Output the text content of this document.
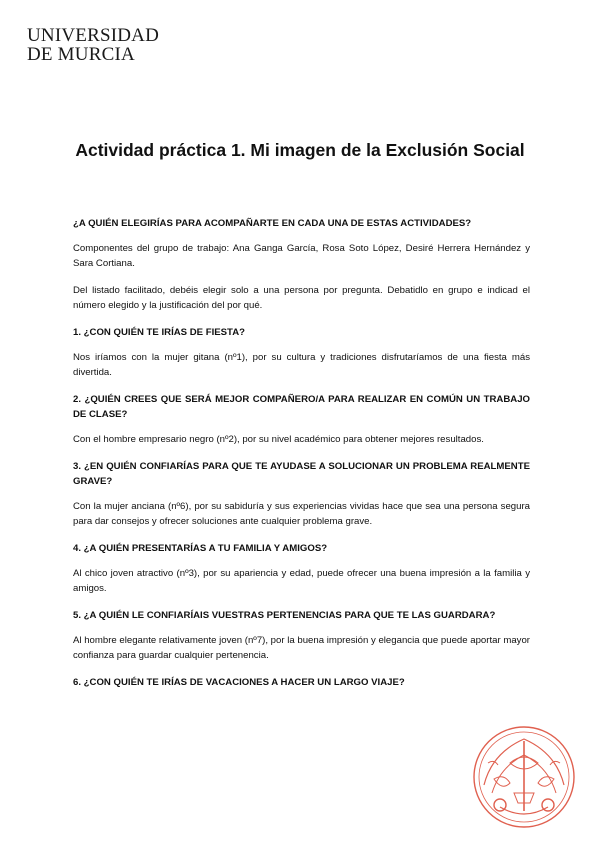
UNIVERSIDAD
DE MURCIA
Actividad práctica 1. Mi imagen de la Exclusión Social
¿A QUIÉN ELEGIRÍAS PARA ACOMPAÑARTE EN CADA UNA DE ESTAS ACTIVIDADES?
Componentes del grupo de trabajo: Ana Ganga García, Rosa Soto López, Desiré Herrera Hernández y Sara Cortiana.
Del listado facilitado, debéis elegir solo a una persona por pregunta. Debatidlo en grupo e indicad el número elegido y la justificación del por qué.
1. ¿CON QUIÉN TE IRÍAS DE FIESTA?
Nos iríamos con la mujer gitana (nº1), por su cultura y tradiciones disfrutaríamos de una fiesta más divertida.
2. ¿QUIÉN CREES QUE SERÁ MEJOR COMPAÑERO/A PARA REALIZAR EN COMÚN UN TRABAJO DE CLASE?
Con el hombre empresario negro (nº2), por su nivel académico para obtener mejores resultados.
3. ¿EN QUIÉN CONFIARÍAS PARA QUE TE AYUDASE A SOLUCIONAR UN PROBLEMA REALMENTE GRAVE?
Con la mujer anciana (nº6), por su sabiduría y sus experiencias vividas hace que sea una persona segura para dar consejos y ofrecer soluciones ante cualquier problema grave.
4. ¿A QUIÉN PRESENTARÍAS A TU FAMILIA Y AMIGOS?
Al chico joven atractivo (nº3), por su apariencia y edad, puede ofrecer una buena impresión a la familia y amigos.
5. ¿A QUIÉN LE CONFIARÍAIS VUESTRAS PERTENENCIAS PARA QUE TE LAS GUARDARA?
Al hombre elegante relativamente joven (nº7), por la buena impresión y elegancia que puede aportar mayor confianza para guardar cualquier pertenencia.
6. ¿CON QUIÉN TE IRÍAS DE VACACIONES A HACER UN LARGO VIAJE?
